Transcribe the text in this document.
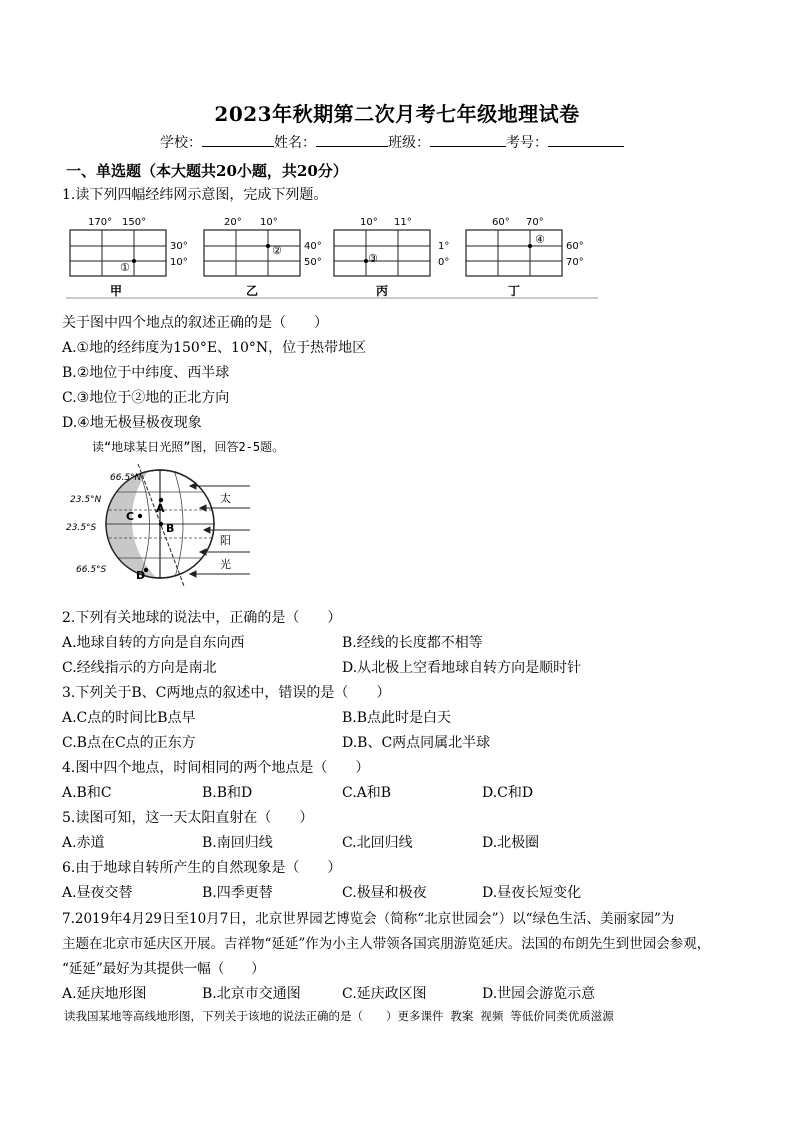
2023年秋期第二次月考七年级地理试卷
学校：	姓名：	班级：	考号：
一、单选题（本大题共20小题，共20分）
1.读下列四幅经纬网示意图，完成下列题。
170° 150°
30°
10°
①
甲
20° 10°
40°
50°
②
乙
10° 11°
1°
0°
③
丙
60° 70°
60°
70°
④
丁
关于图中四个地点的叙述正确的是（　　）
A.①地的经纬度为150°E、10°N，位于热带地区
B.②地位于中纬度、西半球
C.③地位于②地的正北方向
D.④地无极昼极夜现象
读“地球某日光照”图，回答2-5题。
66.5°N
23.5°N
23.5°S
66.5°S
A
B
C
D
太
阳
光
2.下列有关地球的说法中，正确的是（　　）
A.地球自转的方向是自东向西	B.经线的长度都不相等
C.经线指示的方向是南北	D.从北极上空看地球自转方向是顺时针
3.下列关于B、C两地点的叙述中，错误的是（　　）
A.C点的时间比B点早	B.B点此时是白天
C.B点在C点的正东方	D.B、C两点同属北半球
4.图中四个地点，时间相同的两个地点是（　　）
A.B和C	B.B和D	C.A和B	D.C和D
5.读图可知，这一天太阳直射在（　　）
A.赤道	B.南回归线	C.北回归线	D.北极圈
6.由于地球自转所产生的自然现象是（　　）
A.昼夜交替	B.四季更替	C.极昼和极夜	D.昼夜长短变化
7.2019年4月29日至10月7日，北京世界园艺博览会（简称“北京世园会”）以“绿色生活、美丽家园”为
主题在北京市延庆区开展。吉祥物“延延”作为小主人带领各国宾朋游览延庆。法国的布朗先生到世园会参观，
“延延”最好为其提供一幅（　　）
A.延庆地形图	B.北京市交通图	C.延庆政区图	D.世园会游览示意
读我国某地等高线地形图，下列关于该地的说法正确的是（　　）更多课件 教案 视频 等低价同类优质滋源
